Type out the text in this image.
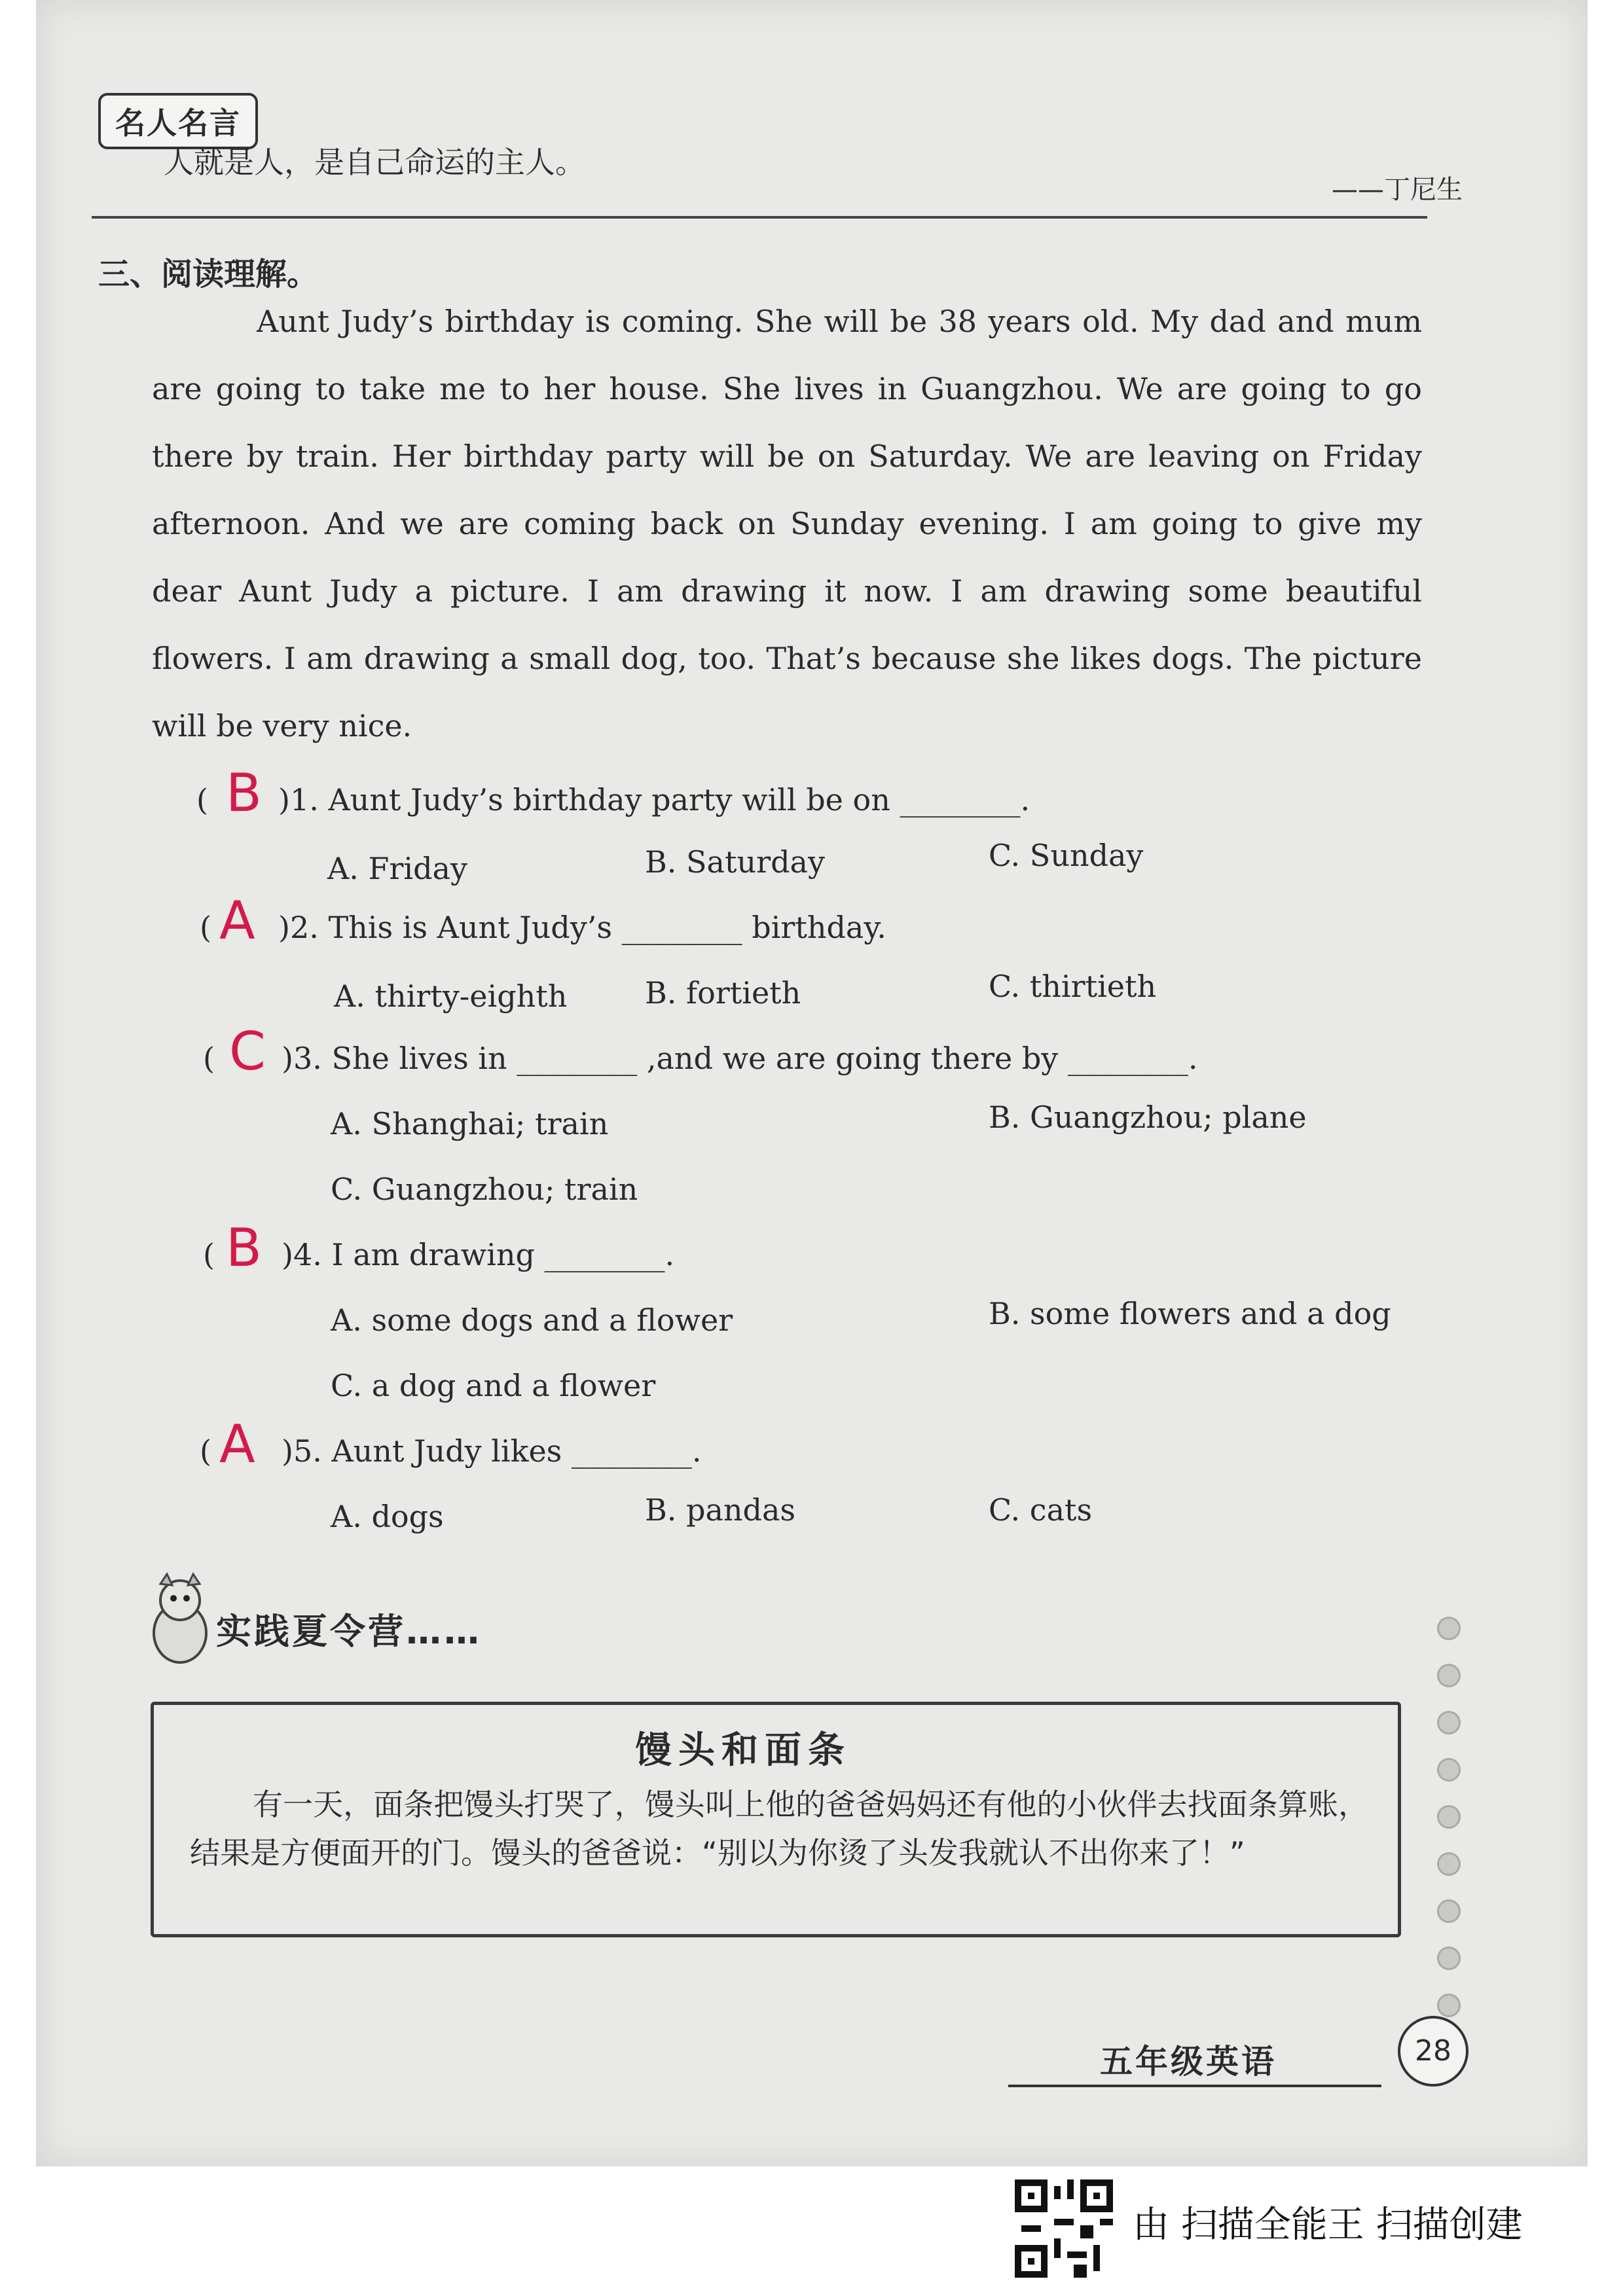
名人名言
人就是人，是自己命运的主人。
——丁尼生
三、阅读理解。
Aunt Judy’s birthday is coming. She will be 38 years old. My dad and mum are going to take me to her house. She lives in Guangzhou. We are going to go there by train. Her birthday party will be on Saturday. We are leaving on Friday afternoon. And we are coming back on Sunday evening. I am going to give my dear Aunt Judy a picture. I am drawing it now. I am drawing some beautiful flowers. I am drawing a small dog, too. That’s because she likes dogs. The picture will be very nice.
( B )1. Aunt Judy’s birthday party will be on ________.
A. Friday	B. Saturday	C. Sunday
( A )2. This is Aunt Judy’s ________ birthday.
A. thirty-eighth	B. fortieth	C. thirtieth
( C )3. She lives in ________ ,and we are going there by ________.
A. Shanghai; train	B. Guangzhou; plane
C. Guangzhou; train
( B )4. I am drawing ________.
A. some dogs and a flower	B. some flowers and a dog
C. a dog and a flower
( A )5. Aunt Judy likes ________.
A. dogs	B. pandas	C. cats
实践夏令营……
馒头和面条
有一天，面条把馒头打哭了，馒头叫上他的爸爸妈妈还有他的小伙伴去找面条算账，结果是方便面开的门。馒头的爸爸说：“别以为你烫了头发我就认不出你来了！”
五年级英语	28
由 扫描全能王 扫描创建
